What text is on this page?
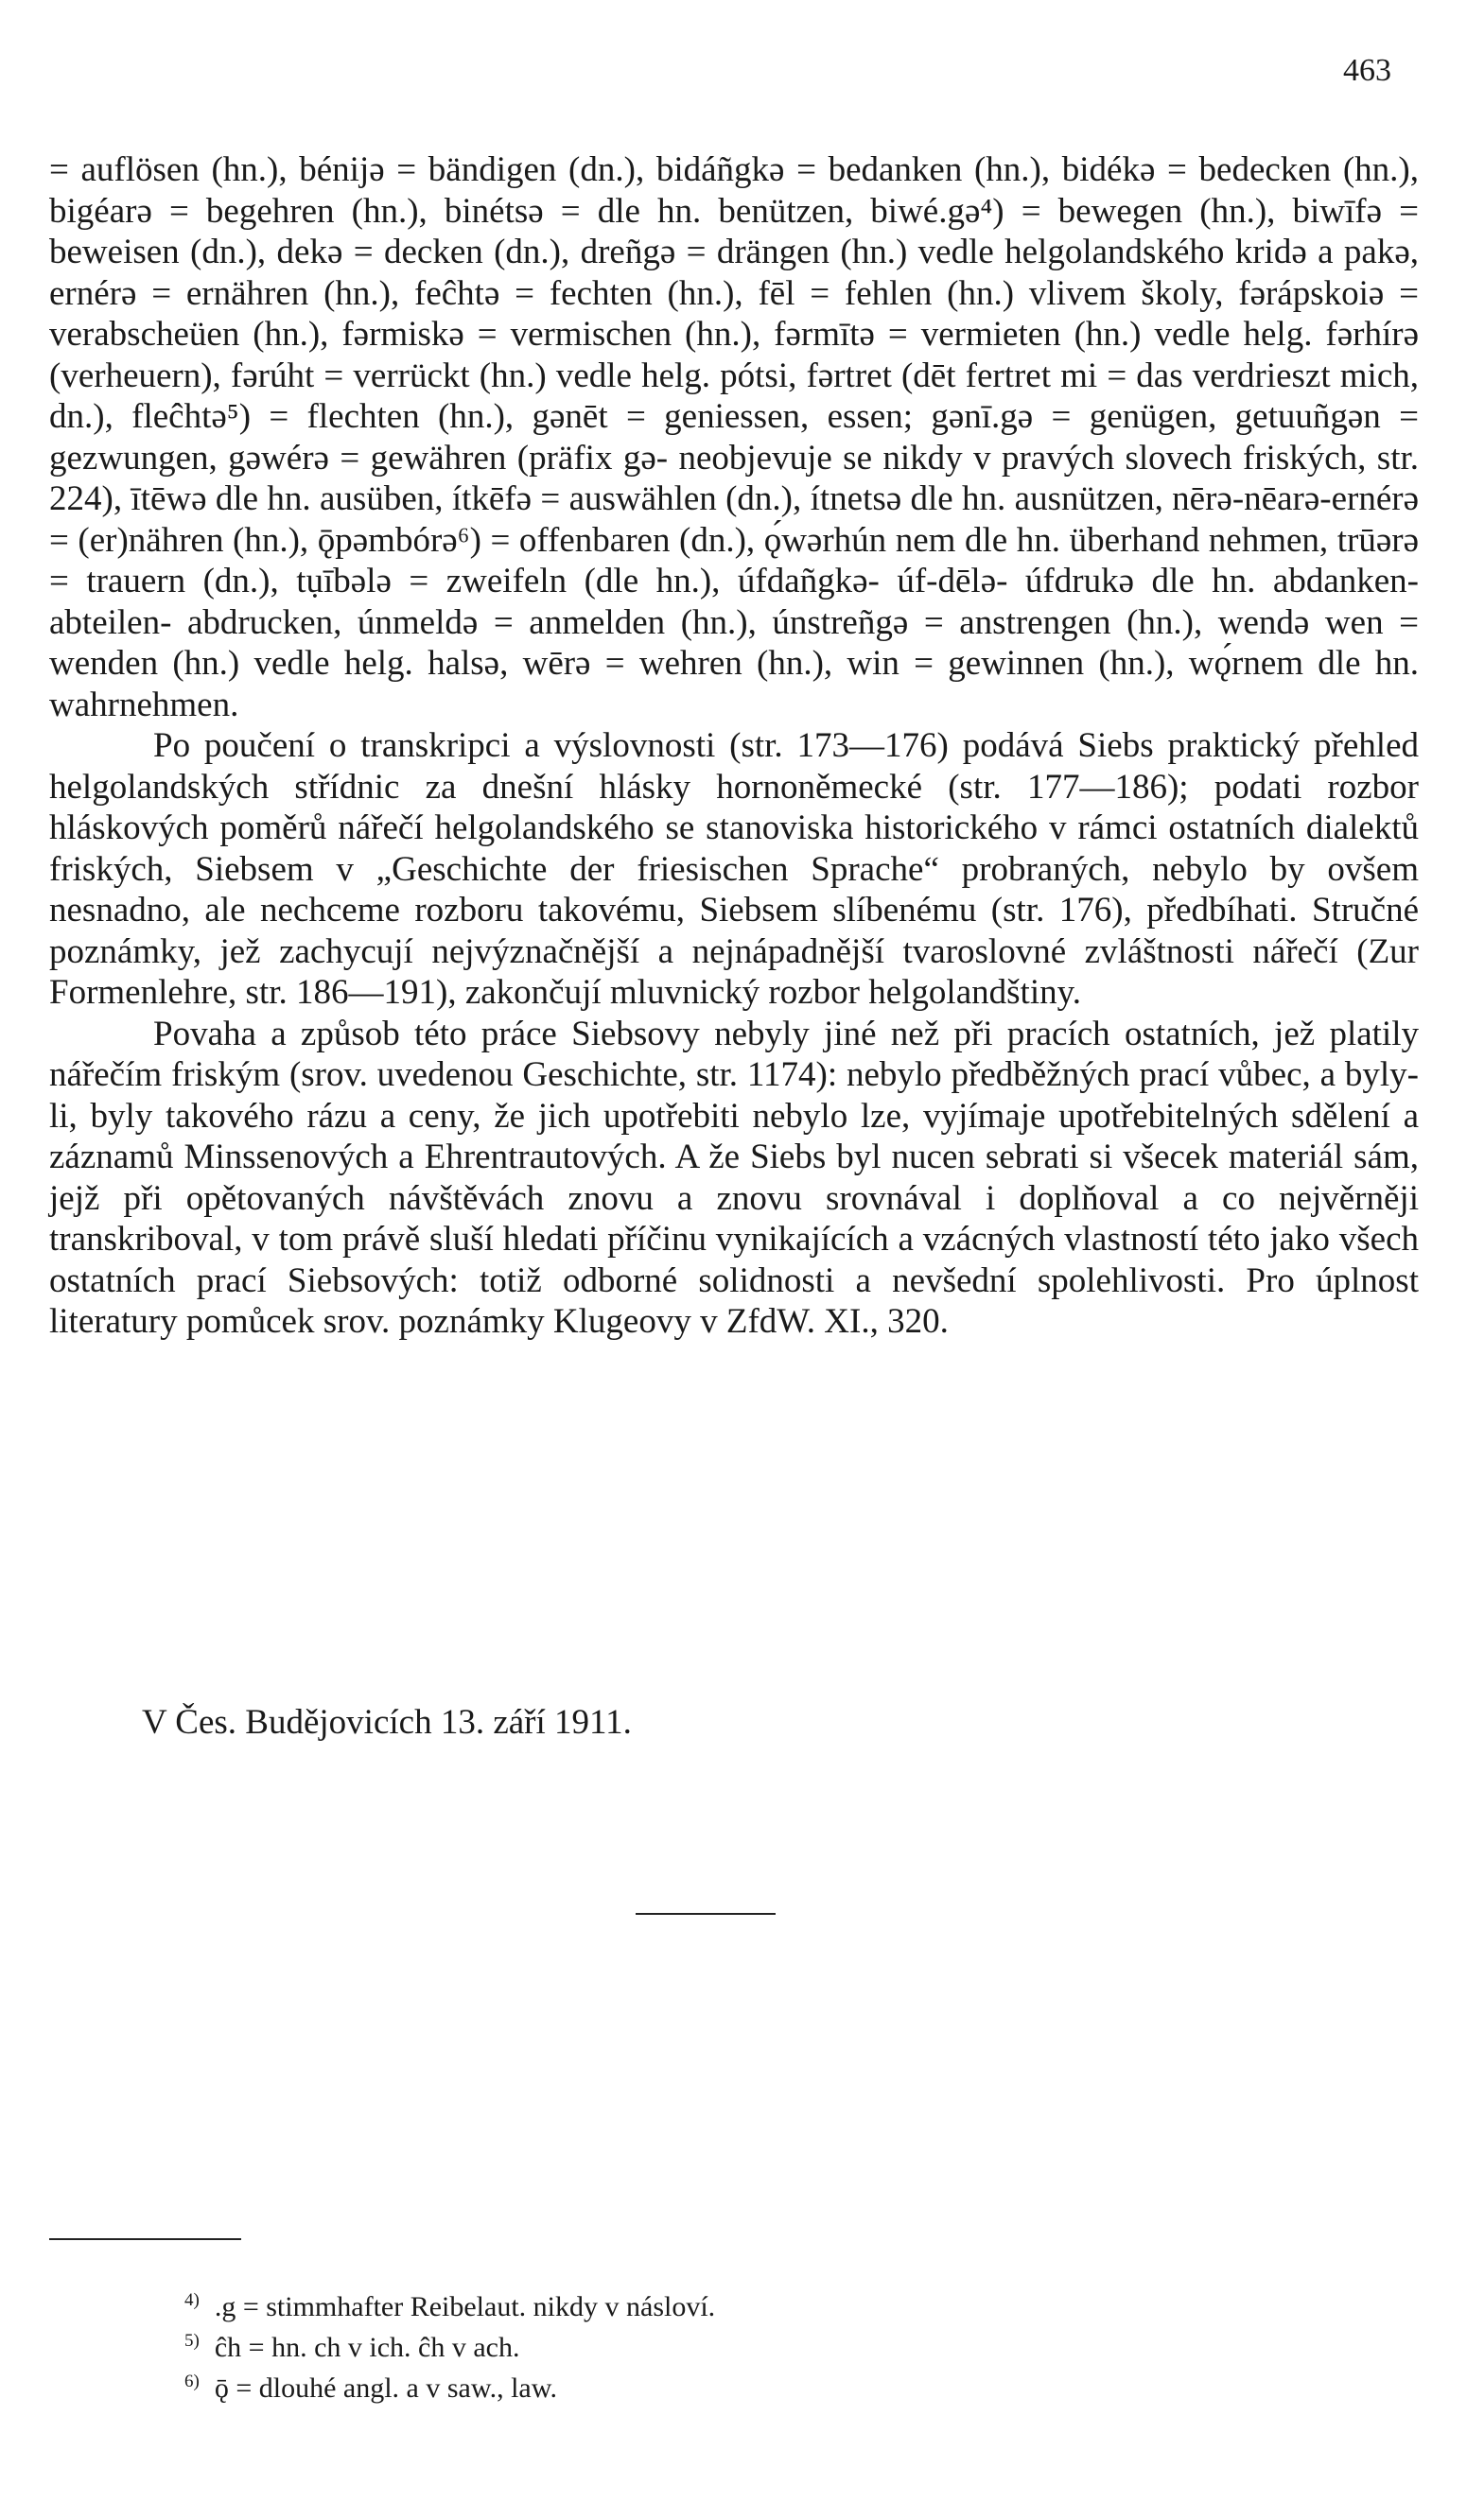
463

= auflösen (hn.), bénijə = bändigen (dn.), bidáñgkə = bedanken (hn.), bidékə = bedecken (hn.), bigéarə = begehren (hn.), binétsə = dle hn. benützen, biwé.gə⁴) = bewegen (hn.), biwīfə = beweisen (dn.), dekə = decken (dn.), dreñgə = drängen (hn.) vedle helgolandského kridə a pakə, ernérə = ernähren (hn.), feĉhtə = fechten (hn.), fēl = fehlen (hn.) vlivem školy, fərápskoiə = verabscheüen (hn.), fərmiskə = vermischen (hn.), fərmītə = vermieten (hn.) vedle helg. fərhírə (verheuern), fərúht = verrückt (hn.) vedle helg. pótsi, fərtret (dēt fertret mi = das verdrieszt mich, dn.), fleĉhtə⁵) = flechten (hn.), gənēt = geniessen, essen; gənī.gə = genügen, getuuñgən = gezwungen, gəwérə = gewähren (präfix gə- neobjevuje se nikdy v pravých slovech friských, str. 224), ītēwə dle hn. ausüben, ítkēfə = auswählen (dn.), ítnetsə dle hn. ausnützen, nērə-nēarə-ernérə = (er)nähren (hn.), ǭpəmbórə⁶) = offenbaren (dn.), ǫ́wərhún nem dle hn. überhand nehmen, trūərə = trauern (dn.), tụībələ = zweifeln (dle hn.), úfdañgkə- úf-dēlə- úfdrukə dle hn. abdanken- abteilen- abdrucken, únmeldə = anmelden (hn.), únstreñgə = anstrengen (hn.), wendə wen = wenden (hn.) vedle helg. halsə, wērə = wehren (hn.), win = gewinnen (hn.), wǫ́rnem dle hn. wahrnehmen.

Po poučení o transkripci a výslovnosti (str. 173—176) podává Siebs praktický přehled helgolandských střídnic za dnešní hlásky hornoněmecké (str. 177—186); podati rozbor hláskových poměrů nářečí helgolandského se stanoviska historického v rámci ostatních dialektů friských, Siebsem v „Geschichte der friesischen Sprache“ probraných, nebylo by ovšem nesnadno, ale nechceme rozboru takovému, Siebsem slíbenému (str. 176), předbíhati. Stručné poznámky, jež zachycují nejvýznačnější a nejnápadnější tvaroslovné zvláštnosti nářečí (Zur Formenlehre, str. 186—191), zakončují mluvnický rozbor helgolandštiny.

Povaha a způsob této práce Siebsovy nebyly jiné než při pracích ostatních, jež platily nářečím friským (srov. uvedenou Geschichte, str. 1174): nebylo předběžných prací vůbec, a byly-li, byly takového rázu a ceny, že jich upotřebiti nebylo lze, vyjímaje upotřebitelných sdělení a záznamů Minssenových a Ehrentrautových. A že Siebs byl nucen sebrati si všecek materiál sám, jejž při opětovaných návštěvách znovu a znovu srovnával i doplňoval a co nejvěrněji transkriboval, v tom právě sluší hledati příčinu vynikajících a vzácných vlastností této jako všech ostatních prací Siebsových: totiž odborné solidnosti a nevšední spolehlivosti. Pro úplnost literatury pomůcek srov. poznámky Klugeovy v ZfdW. XI., 320.

V Čes. Budějovicích 13. září 1911.

$^{4)}$ .g = stimmhafter Reibelaut. nikdy v násloví.

$^{5)}$ ĉh = hn. ch v ich. ĉh v ach.

$^{6)}$ ǭ = dlouhé angl. a v saw., law.
